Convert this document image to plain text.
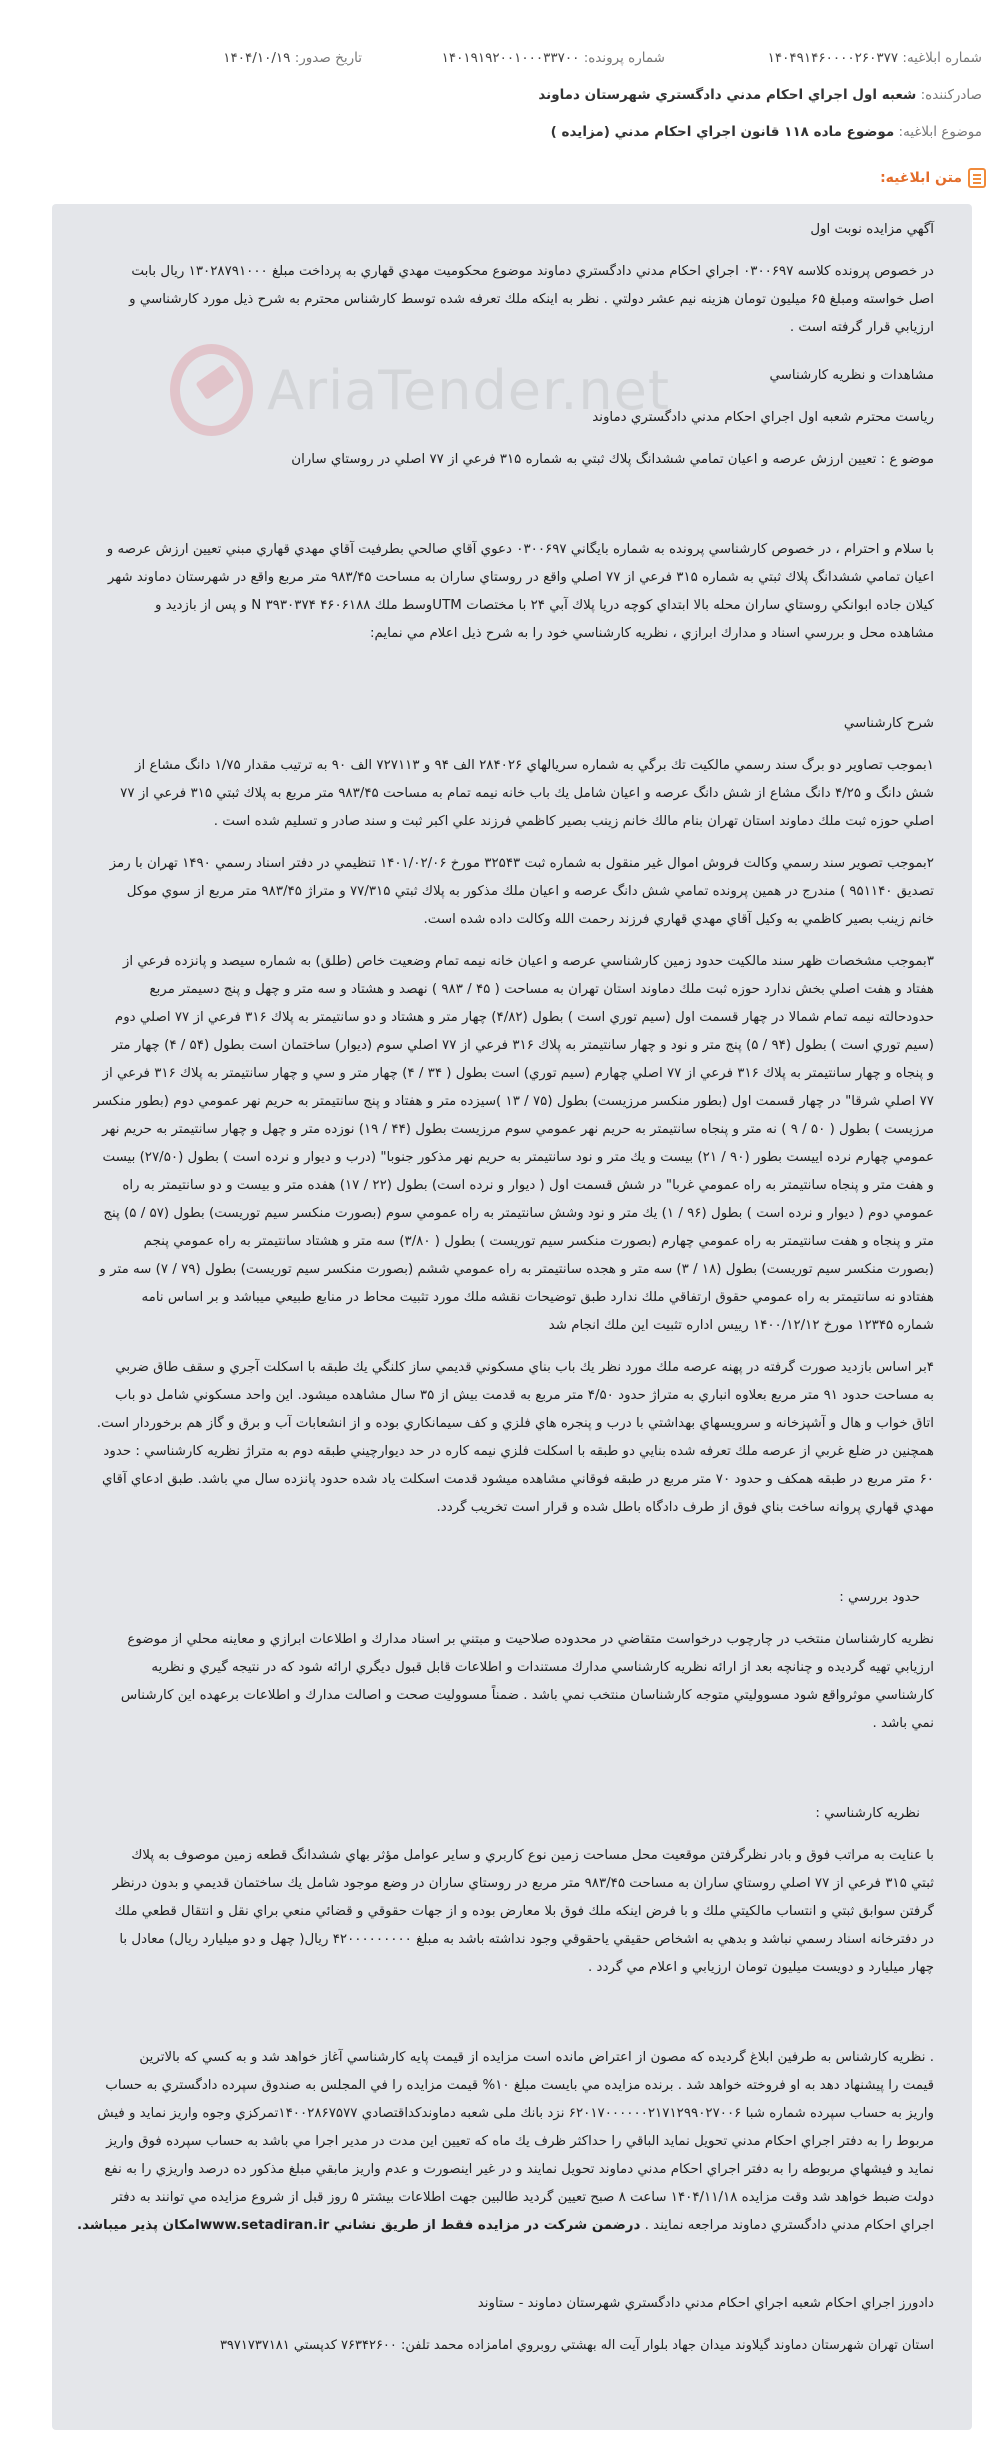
شماره ابلاغیه: ۱۴۰۴۹۱۴۶۰۰۰۰۲۶۰۳۷۷
شماره پرونده: ۱۴۰۱۹۱۹۲۰۰۱۰۰۰۳۳۷۰۰
تاریخ صدور: ۱۴۰۴/۱۰/۱۹
صادرکننده: شعبه اول اجراي احكام مدني دادگستري شهرستان دماوند
موضوع ابلاغیه: موضوع ماده ۱۱۸ قانون اجراي احكام مدني (مزايده )
متن ابلاغیه:
AriaTender.net
آگهي مزايده نوبت اول
در خصوص پرونده كلاسه ۰۳۰۰۶۹۷ اجراي احكام مدني دادگستري دماوند موضوع محكوميت مهدي قهاري به پرداخت مبلغ ۱۳۰۲۸۷۹۱۰۰۰ ريال بابت
اصل خواسته ومبلغ ۶۵ ميليون تومان هزينه نيم عشر دولتي . نظر به اينكه ملك تعرفه شده توسط كارشناس محترم به شرح ذيل مورد كارشناسي و
ارزيابي قرار گرفته است .
مشاهدات و نظريه كارشناسي
رياست محترم شعبه اول اجراي احكام مدني دادگستري دماوند
موضو ع : تعيين ارزش عرصه و اعيان تمامي ششدانگ پلاك ثبتي به شماره ۳۱۵ فرعي از ۷۷ اصلي در روستاي ساران
با سلام و احترام ، در خصوص كارشناسي پرونده به شماره بايگاني ۰۳۰۰۶۹۷ دعوي آقاي صالحي بطرفيت آقاي مهدي قهاري مبني تعيين ارزش عرصه و
اعيان تمامي ششدانگ پلاك ثبتي به شماره ۳۱۵ فرعي از ۷۷ اصلي واقع در روستاي ساران به مساحت ۹۸۳/۴۵ متر مربع واقع در شهرستان دماوند شهر
كيلان جاده ابوانكي روستاي ساران محله بالا ابتداي كوچه دريا پلاك آبي ۲۴ با مختصات UTMوسط ملك ۴۶۰۶۱۸۸ ۳۹۳۰۳۷۴ N و پس از بازديد و
مشاهده محل و بررسي اسناد و مدارك ابرازي ، نظريه كارشناسي خود را به شرح ذيل اعلام مي نمايم:
شرح كارشناسي
۱بموجب تصاوير دو برگ سند رسمي مالكيت تك برگي به شماره سريالهاي ۲۸۴۰۲۶ الف ۹۴ و ۷۲۷۱۱۳ الف ۹۰ به ترتيب مقدار ۱/۷۵ دانگ مشاع از
شش دانگ و ۴/۲۵ دانگ مشاع از شش دانگ عرصه و اعيان شامل يك باب خانه نيمه تمام به مساحت ۹۸۳/۴۵ متر مربع به پلاك ثبتي ۳۱۵ فرعي از ۷۷
اصلي حوزه ثبت ملك دماوند استان تهران بنام مالك خانم زينب بصير كاظمي فرزند علي اكبر ثبت و سند صادر و تسليم شده است .
۲بموجب تصوير سند رسمي وكالت فروش اموال غير منقول به شماره ثبت ۳۲۵۴۳ مورخ ۱۴۰۱/۰۲/۰۶ تنظيمي در دفتر اسناد رسمي ۱۴۹۰ تهران با رمز
تصديق ۹۵۱۱۴۰ ) مندرج در همين پرونده تمامي شش دانگ عرصه و اعيان ملك مذكور به پلاك ثبتي ۷۷/۳۱۵ و متراژ ۹۸۳/۴۵ متر مربع از سوي موكل
خانم زينب بصير كاظمي به وكيل آقاي مهدي قهاري فرزند رحمت الله وكالت داده شده است.
۳بموجب مشخصات ظهر سند مالكيت حدود زمين كارشناسي عرصه و اعيان خانه نيمه تمام وضعيت خاص (طلق) به شماره سيصد و پانزده فرعي از
هفتاد و هفت اصلي بخش ندارد حوزه ثبت ملك دماوند استان تهران به مساحت ( ۴۵ / ۹۸۳ ) نهصد و هشتاد و سه متر و چهل و پنج دسيمتر مربع
حدودحالته نيمه تمام شمالا در چهار قسمت اول (سيم توري است ) بطول (۴/۸۲) چهار متر و هشتاد و دو سانتيمتر به پلاك ۳۱۶ فرعي از ۷۷ اصلي دوم
(سيم توري است ) بطول (۹۴ / ۵) پنج متر و نود و چهار سانتيمتر به پلاك ۳۱۶ فرعي از ۷۷ اصلي سوم (ديوار) ساختمان است بطول (۵۴ / ۴) چهار متر
و پنجاه و چهار سانتيمتر به پلاك ۳۱۶ فرعي از ۷۷ اصلي چهارم (سيم توري) است بطول ( ۳۴ / ۴) چهار متر و سي و چهار سانتيمتر به پلاك ۳۱۶ فرعي از
۷۷ اصلي شرقا" در چهار قسمت اول (بطور منكسر مرزيست) بطول (۷۵ / ۱۳ )سيزده متر و هفتاد و پنج سانتيمتر به حريم نهر عمومي دوم (بطور منكسر
مرزيست ) بطول ( ۵۰ / ۹ ) نه متر و پنجاه سانتيمتر به حريم نهر عمومي سوم مرزيست بطول (۴۴ / ۱۹) نوزده متر و چهل و چهار سانتيمتر به حريم نهر
عمومي چهارم نرده اييست بطور (۹۰ / ۲۱) بيست و يك متر و نود سانتيمتر به حريم نهر مذكور جنوبا" (درب و ديوار و نرده است ) بطول (۲۷/۵۰) بيست
و هفت متر و پنجاه سانتيمتر به راه عمومي غربا" در شش قسمت اول ( ديوار و نرده است) بطول (۲۲ / ۱۷) هفده متر و بيست و دو سانتيمتر به راه
عمومي دوم ( ديوار و نرده است ) بطول (۹۶ / ۱) يك متر و نود وشش سانتيمتر به راه عمومي سوم (بصورت منكسر سيم توريست) بطول (۵۷ / ۵) پنج
متر و پنجاه و هفت سانتيمتر به راه عمومي چهارم (بصورت منكسر سيم توريست ) بطول ( ۳/۸۰) سه متر و هشتاد سانتيمتر به راه عمومي پنجم
(بصورت منكسر سيم توريست) بطول (۱۸ / ۳) سه متر و هجده سانتيمتر به راه عمومي ششم (بصورت منكسر سيم توريست) بطول (۷۹ / ۷) سه متر و
هفتادو نه سانتيمتر به راه عمومي حقوق ارتفاقي ملك ندارد طبق توضيحات نقشه ملك مورد تثبيت محاط در منابع طبيعي ميباشد و بر اساس نامه
شماره ۱۲۳۴۵ مورخ ۱۴۰۰/۱۲/۱۲ رييس اداره تثبيت اين ملك انجام شد
۴بر اساس بازديد صورت گرفته در پهنه عرصه ملك مورد نظر يك باب بناي مسكوني قديمي ساز كلنگي يك طبقه با اسكلت آجري و سقف طاق ضربي
به مساحت حدود ۹۱ متر مربع بعلاوه انباري به متراژ حدود ۴/۵۰ متر مربع به قدمت بيش از ۳۵ سال مشاهده ميشود. اين واحد مسكوني شامل دو باب
اتاق خواب و هال و آشپزخانه و سرويسهاي بهداشتي با درب و پنجره هاي فلزي و كف سيمانكاري بوده و از انشعابات آب و برق و گاز هم برخوردار است.
همچنين در ضلع غربي از عرصه ملك تعرفه شده بنايي دو طبقه با اسكلت فلزي نيمه كاره در حد ديوارچيني طبقه دوم به متراژ نظريه كارشناسي : حدود
۶۰ متر مربع در طبقه همكف و حدود ۷۰ متر مربع در طبقه فوقاني مشاهده ميشود قدمت اسكلت ياد شده حدود پانزده سال مي باشد. طبق ادعاي آقاي
مهدي قهاري پروانه ساخت بناي فوق از طرف دادگاه باطل شده و قرار است تخريب گردد.
حدود بررسي :
نظريه كارشناسان منتخب در چارچوب درخواست متقاضي در محدوده صلاحيت و مبتني بر اسناد مدارك و اطلاعات ابرازي و معاينه محلي از موضوع
ارزيابي تهيه گرديده و چنانچه بعد از ارائه نظريه كارشناسي مدارك مستندات و اطلاعات قابل قبول ديگري ارائه شود كه در نتيجه گيري و نظريه
كارشناسي موثرواقع شود مسووليتي متوجه كارشناسان منتخب نمي باشد . ضمناً مسووليت صحت و اصالت مدارك و اطلاعات برعهده اين كارشناس
نمي باشد .
نظريه كارشناسي :
با عنايت به مراتب فوق و بادر نظرگرفتن موقعيت محل مساحت زمين نوع كاربري و ساير عوامل مؤثر بهاي ششدانگ قطعه زمين موصوف به پلاك
ثبتي ۳۱۵ فرعي از ۷۷ اصلي روستاي ساران به مساحت ۹۸۳/۴۵ متر مربع در روستاي ساران در وضع موجود شامل يك ساختمان قديمي و بدون درنظر
گرفتن سوابق ثبتي و انتساب مالكيتي ملك و با فرض اينكه ملك فوق بلا معارض بوده و از جهات حقوقي و قضائي منعي براي نقل و انتقال قطعي ملك
در دفترخانه اسناد رسمي نباشد و بدهي به اشخاص حقيقي ياحقوقي وجود نداشته باشد به مبلغ ۴۲۰۰۰۰۰۰۰۰۰ ريال( چهل و دو ميليارد ريال) معادل با
چهار ميليارد و دويست ميليون تومان ارزيابي و اعلام مي گردد .
. نظريه كارشناس به طرفين ابلاغ گرديده كه مصون از اعتراض مانده است مزايده از قيمت پايه كارشناسي آغاز خواهد شد و به كسي كه بالاترين
قيمت را پيشنهاد دهد به او فروخته خواهد شد . برنده مزايده مي بايست مبلغ ۱۰% قيمت مزايده را في المجلس به صندوق سپرده دادگستري به حساب
واريز به حساب سپرده شماره شبا ۶۲۰۱۷۰۰۰۰۰۰۲۱۷۱۲۹۹۰۲۷۰۰۶ نزد بانك ملی شعبه دماوندكداقتصادي ۱۴۰۰۲۸۶۷۵۷۷تمركزي وجوه واريز نمايد و فيش
مربوط را به دفتر اجراي احكام مدني تحويل نمايد الباقي را حداكثر ظرف يك ماه كه تعيين اين مدت در مدير اجرا مي باشد به حساب سپرده فوق واريز
نمايد و فيشهاي مربوطه را به دفتر اجراي احكام مدني دماوند تحويل نمايند و در غير اينصورت و عدم واريز مابقي مبلغ مذكور ده درصد واريزي را به نفع
دولت ضبط خواهد شد وقت مزايده ۱۴۰۴/۱۱/۱۸ ساعت ۸ صبح تعيين گرديد طالبين جهت اطلاعات بيشتر ۵ روز قبل از شروع مزايده مي توانند به دفتر
اجراي احكام مدني دادگستري دماوند مراجعه نمايند . درضمن شركت در مزايده فقط از طريق نشاني www.setadiran.irامكان پذير ميباشد.
دادورز اجراي احكام شعبه اجراي احكام مدني دادگستري شهرستان دماوند - ستاوند
استان تهران شهرستان دماوند گيلاوند ميدان جهاد بلوار آيت اله بهشتي روبروي امامزاده محمد تلفن: ۷۶۳۴۲۶۰۰ كدپستي ۳۹۷۱۷۳۷۱۸۱
